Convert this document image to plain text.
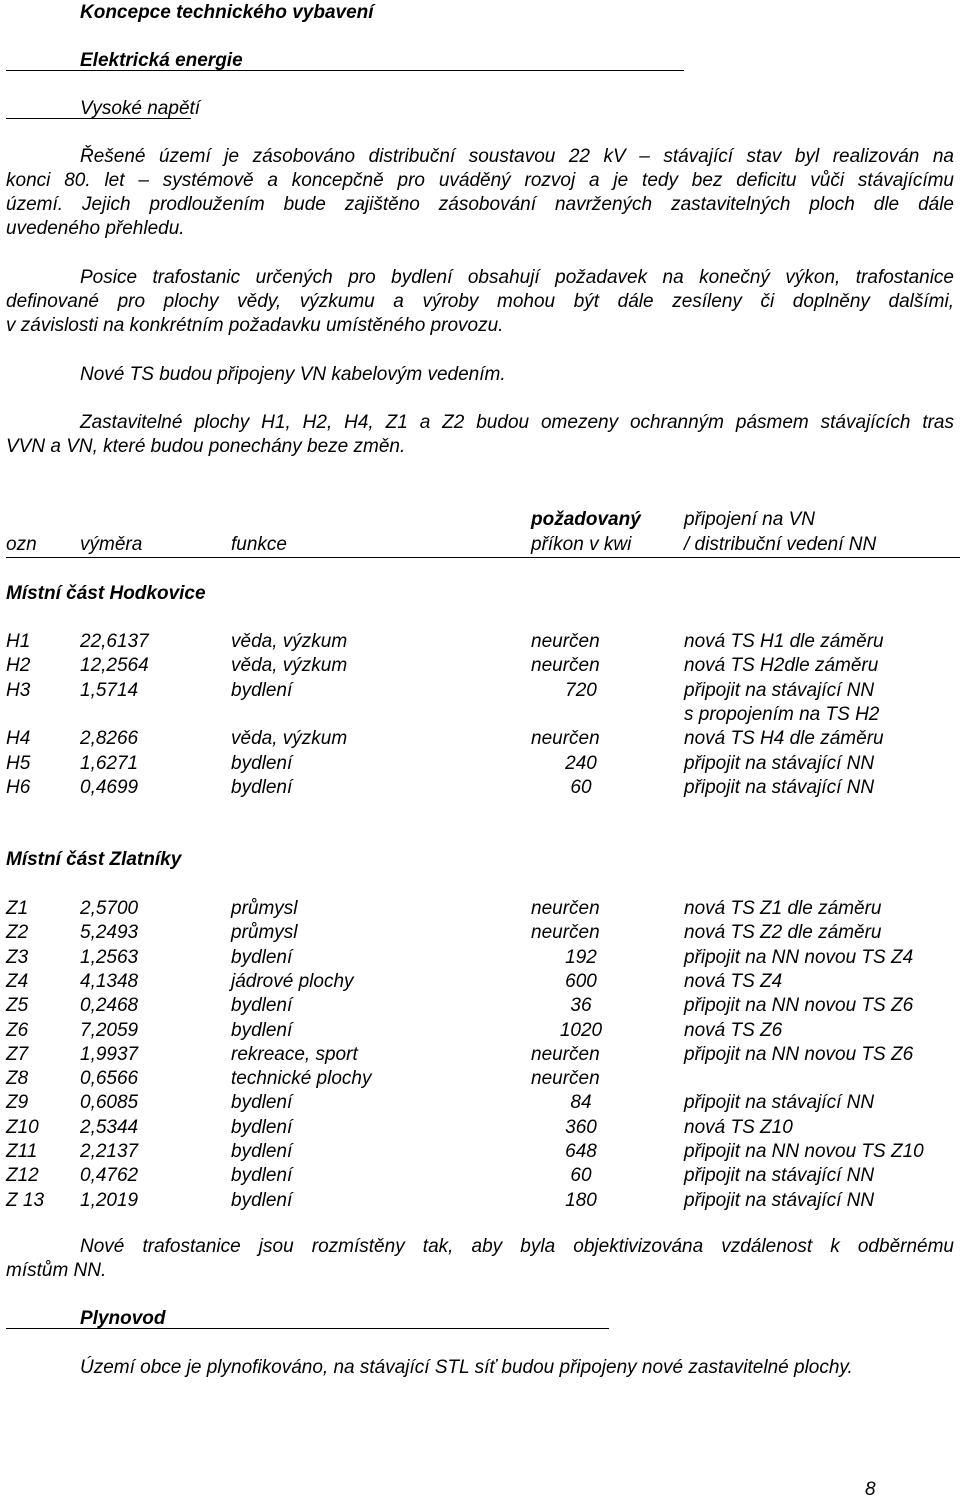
Koncepce technického vybavení
Elektrická energie
Vysoké napětí
Řešené území je zásobováno distribuční soustavou 22 kV – stávající stav byl realizován na
konci 80. let – systémově a koncepčně pro uváděný rozvoj a je tedy bez deficitu vůči stávajícímu
území. Jejich prodloužením bude zajištěno zásobování navržených zastavitelných ploch dle dále
uvedeného přehledu.
Posice trafostanic určených pro bydlení obsahují požadavek na konečný výkon, trafostanice
definované pro plochy vědy, výzkumu a výroby mohou být dále zesíleny či doplněny dalšími,
v závislosti na konkrétním požadavku umístěného provozu.
Nové TS budou připojeny VN kabelovým vedením.
Zastavitelné plochy H1, H2, H4, Z1 a Z2 budou omezeny ochranným pásmem stávajících tras
VVN a VN, které budou ponechány beze změn.
požadovaný připojení na VN
ozn výměra	funkce	příkon v kwi	/ distribuční vedení NN
Místní část Hodkovice
H1	22,6137	věda, výzkum	neurčen	nová TS H1 dle záměru
H2	12,2564	věda, výzkum	neurčen	nová TS H2dle záměru
H3	1,5714	bydlení	720	připojit na stávající NN
s propojením na TS H2
H4	2,8266	věda, výzkum	neurčen	nová TS H4 dle záměru
H5	1,6271	bydlení	240	připojit na stávající NN
H6	0,4699	bydlení	60	připojit na stávající NN
Místní část Zlatníky
Z1	2,5700	průmysl	neurčen	nová TS Z1 dle záměru
Z2	5,2493	průmysl	neurčen	nová TS Z2 dle záměru
Z3	1,2563	bydlení	192	připojit na NN novou TS Z4
Z4	4,1348	jádrové plochy	600	nová TS Z4
Z5	0,2468	bydlení	36	připojit na NN novou TS Z6
Z6	7,2059	bydlení	1020	nová TS Z6
Z7	1,9937	rekreace, sport	neurčen	připojit na NN novou TS Z6
Z8	0,6566	technické plochy	neurčen
Z9	0,6085	bydlení	84	připojit na stávající NN
Z10 2,5344	bydlení	360	nová TS Z10
Z11 2,2137	bydlení	648	připojit na NN novou TS Z10
Z12 0,4762	bydlení	60	připojit na stávající NN
Z 13 1,2019	bydlení	180	připojit na stávající NN
Nové trafostanice jsou rozmístěny tak, aby byla objektivizována vzdálenost k odběrnému
místům NN.
Plynovod
Území obce je plynofikováno, na stávající STL síť budou připojeny nové zastavitelné plochy.
8
